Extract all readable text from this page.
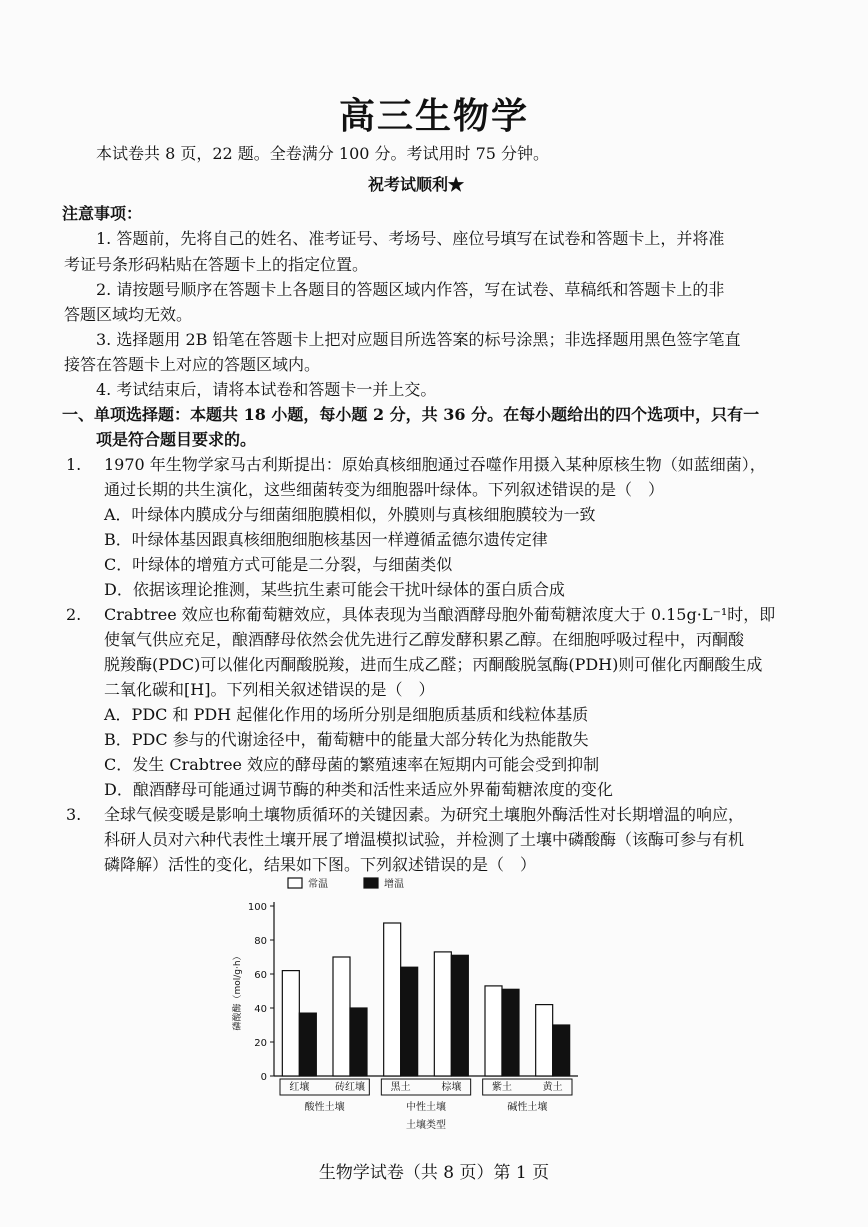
高三生物学
本试卷共 8 页，22 题。全卷满分 100 分。考试用时 75 分钟。
祝考试顺利★
注意事项：
1. 答题前，先将自己的姓名、准考证号、考场号、座位号填写在试卷和答题卡上，并将准
考证号条形码粘贴在答题卡上的指定位置。
2. 请按题号顺序在答题卡上各题目的答题区域内作答，写在试卷、草稿纸和答题卡上的非
答题区域均无效。
3. 选择题用 2B 铅笔在答题卡上把对应题目所选答案的标号涂黑；非选择题用黑色签字笔直
接答在答题卡上对应的答题区域内。
4. 考试结束后，请将本试卷和答题卡一并上交。
一、单项选择题：本题共 18 小题，每小题 2 分，共 36 分。在每小题给出的四个选项中，只有一
项是符合题目要求的。
1. 1970 年生物学家马古利斯提出：原始真核细胞通过吞噬作用摄入某种原核生物（如蓝细菌），
通过长期的共生演化，这些细菌转变为细胞器叶绿体。下列叙述错误的是（　）
A．叶绿体内膜成分与细菌细胞膜相似，外膜则与真核细胞膜较为一致
B．叶绿体基因跟真核细胞细胞核基因一样遵循孟德尔遗传定律
C．叶绿体的增殖方式可能是二分裂，与细菌类似
D．依据该理论推测，某些抗生素可能会干扰叶绿体的蛋白质合成
2. Crabtree 效应也称葡萄糖效应，具体表现为当酿酒酵母胞外葡萄糖浓度大于 0.15g·L⁻¹时，即
使氧气供应充足，酿酒酵母依然会优先进行乙醇发酵积累乙醇。在细胞呼吸过程中，丙酮酸
脱羧酶(PDC)可以催化丙酮酸脱羧，进而生成乙醛；丙酮酸脱氢酶(PDH)则可催化丙酮酸生成
二氧化碳和[H]。下列相关叙述错误的是（　）
A．PDC 和 PDH 起催化作用的场所分别是细胞质基质和线粒体基质
B．PDC 参与的代谢途径中，葡萄糖中的能量大部分转化为热能散失
C．发生 Crabtree 效应的酵母菌的繁殖速率在短期内可能会受到抑制
D．酿酒酵母可能通过调节酶的种类和活性来适应外界葡萄糖浓度的变化
3. 全球气候变暖是影响土壤物质循环的关键因素。为研究土壤胞外酶活性对长期增温的响应，
科研人员对六种代表性土壤开展了增温模拟试验，并检测了土壤中磷酸酶（该酶可参与有机
磷降解）活性的变化，结果如下图。下列叙述错误的是（　）
常温	增温
0
20
40
60
80
100
磷酸酶（mol/g·h）
红壤	砖红壤	黑土	棕壤	紫土	黄土
酸性土壤	中性土壤	碱性土壤
土壤类型
生物学试卷（共 8 页）第 1 页
